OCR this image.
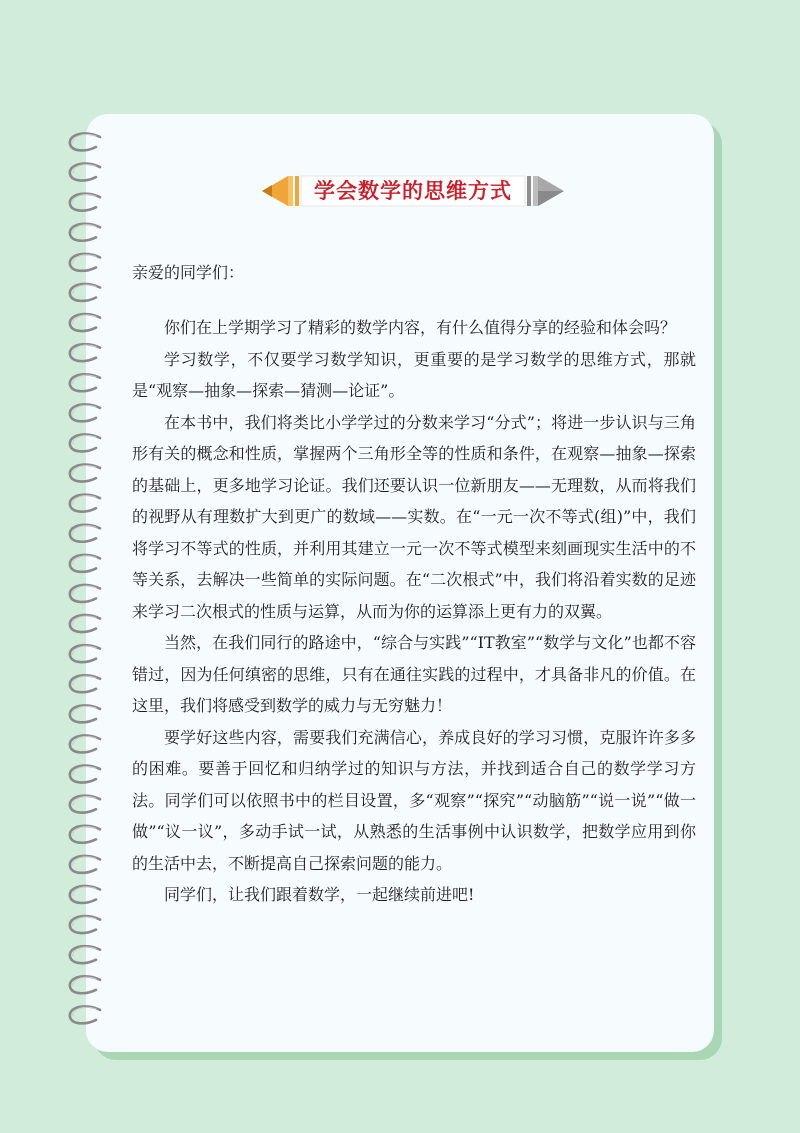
学会数学的思维方式
亲爱的同学们：

你们在上学期学习了精彩的数学内容，有什么值得分享的经验和体会吗？

学习数学，不仅要学习数学知识，更重要的是学习数学的思维方式，那就是“观察—抽象—探索—猜测—论证”。

在本书中，我们将类比小学学过的分数来学习“分式”；将进一步认识与三角形有关的概念和性质，掌握两个三角形全等的性质和条件，在观察—抽象—探索的基础上，更多地学习论证。我们还要认识一位新朋友——无理数，从而将我们的视野从有理数扩大到更广的数域——实数。在“一元一次不等式(组)”中，我们将学习不等式的性质，并利用其建立一元一次不等式模型来刻画现实生活中的不等关系，去解决一些简单的实际问题。在“二次根式”中，我们将沿着实数的足迹来学习二次根式的性质与运算，从而为你的运算添上更有力的双翼。

当然，在我们同行的路途中，“综合与实践”“IT教室”“数学与文化”也都不容错过，因为任何缜密的思维，只有在通往实践的过程中，才具备非凡的价值。在这里，我们将感受到数学的威力与无穷魅力！

要学好这些内容，需要我们充满信心，养成良好的学习习惯，克服许许多多的困难。要善于回忆和归纳学过的知识与方法，并找到适合自己的数学学习方法。同学们可以依照书中的栏目设置，多“观察”“探究”“动脑筋”“说一说”“做一做”“议一议”，多动手试一试，从熟悉的生活事例中认识数学，把数学应用到你的生活中去，不断提高自己探索问题的能力。

同学们，让我们跟着数学，一起继续前进吧!
